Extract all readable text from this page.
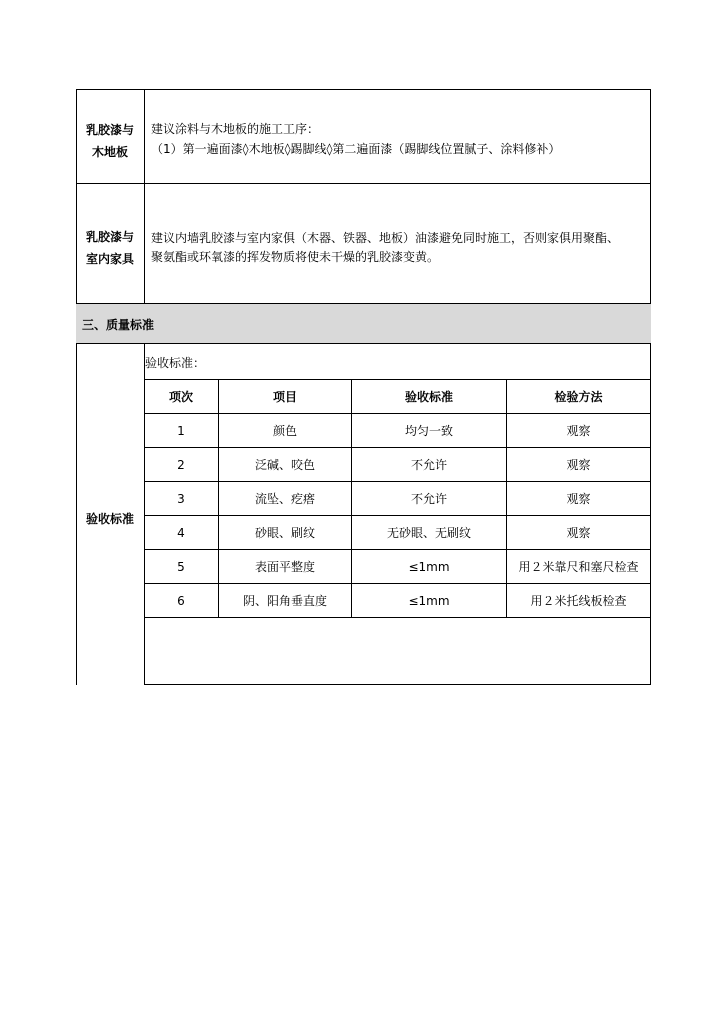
乳胶漆与
木地板
建议涂料与木地板的施工工序：
（1）第一遍面漆◊木地板◊踢脚线◊第二遍面漆（踢脚线位置腻子、涂料修补）
乳胶漆与
室内家具
建议内墙乳胶漆与室内家俱（木器、铁器、地板）油漆避免同时施工，否则家俱用聚酯、
聚氨酯或环氧漆的挥发物质将使未干燥的乳胶漆变黄。
三、质量标准
验收标准
验收标准：
项次	项目	验收标准	检验方法
1	颜色	均匀一致	观察
2	泛碱、咬色	不允许	观察
3	流坠、疙瘩	不允许	观察
4	砂眼、刷纹	无砂眼、无刷纹	观察
5	表面平整度	≤1mm	用２米靠尺和塞尺检查
6	阴、阳角垂直度	≤1mm	用２米托线板检查
